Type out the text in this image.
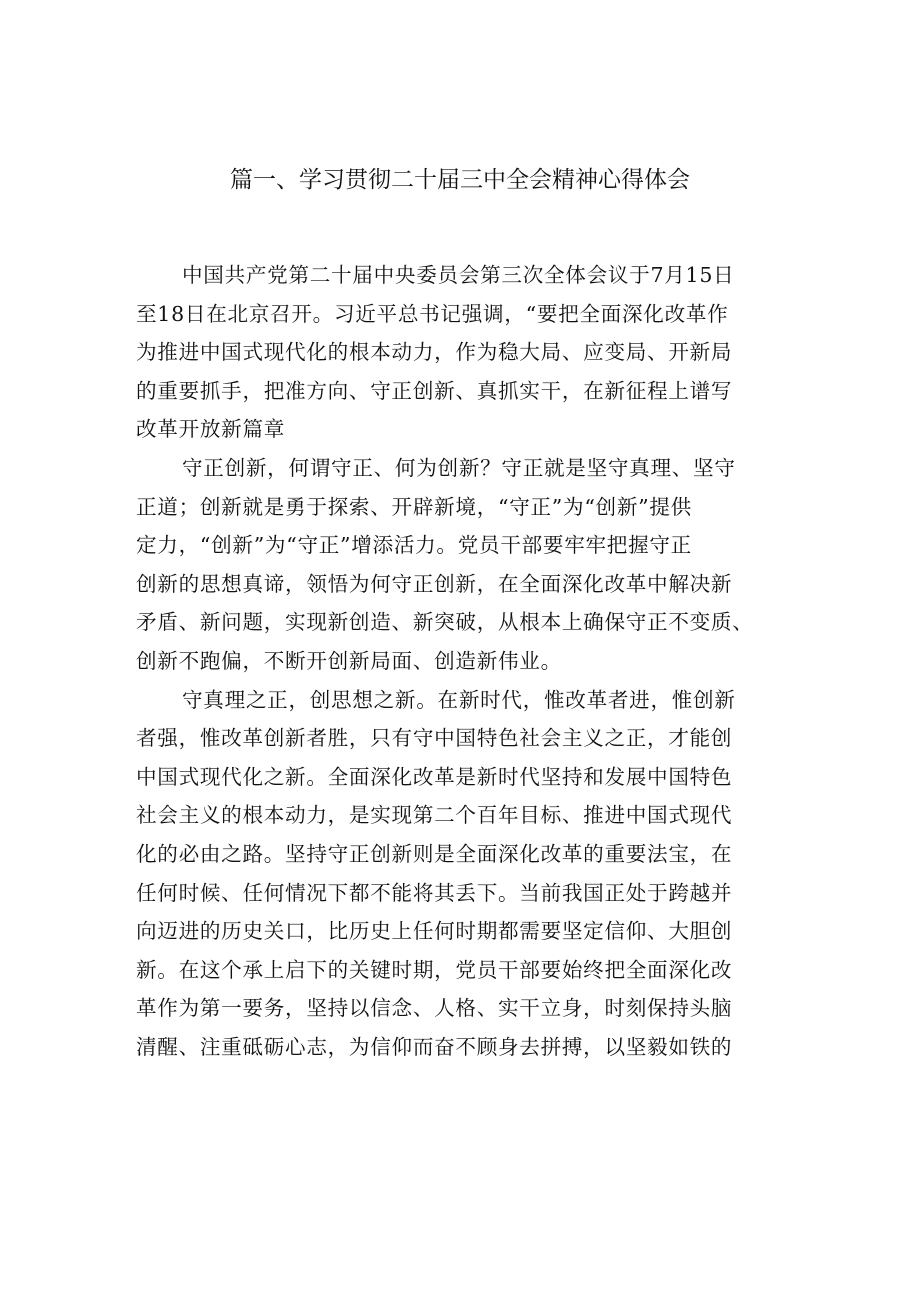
篇一、学习贯彻二十届三中全会精神心得体会

中国共产党第二十届中央委员会第三次全体会议于7月15日
至18日在北京召开。习近平总书记强调，“要把全面深化改革作
为推进中国式现代化的根本动力，作为稳大局、应变局、开新局
的重要抓手，把准方向、守正创新、真抓实干，在新征程上谱写
改革开放新篇章

守正创新，何谓守正、何为创新？守正就是坚守真理、坚守
正道；创新就是勇于探索、开辟新境，“守正”为“创新”提供
定力，“创新”为“守正”增添活力。党员干部要牢牢把握守正
创新的思想真谛，领悟为何守正创新，在全面深化改革中解决新
矛盾、新问题，实现新创造、新突破，从根本上确保守正不变质、
创新不跑偏，不断开创新局面、创造新伟业。

守真理之正，创思想之新。在新时代，惟改革者进，惟创新
者强，惟改革创新者胜，只有守中国特色社会主义之正，才能创
中国式现代化之新。全面深化改革是新时代坚持和发展中国特色
社会主义的根本动力，是实现第二个百年目标、推进中国式现代
化的必由之路。坚持守正创新则是全面深化改革的重要法宝，在
任何时候、任何情况下都不能将其丢下。当前我国正处于跨越并
向迈进的历史关口，比历史上任何时期都需要坚定信仰、大胆创
新。在这个承上启下的关键时期，党员干部要始终把全面深化改
革作为第一要务，坚持以信念、人格、实干立身，时刻保持头脑
清醒、注重砥砺心志，为信仰而奋不顾身去拼搏，以坚毅如铁的
